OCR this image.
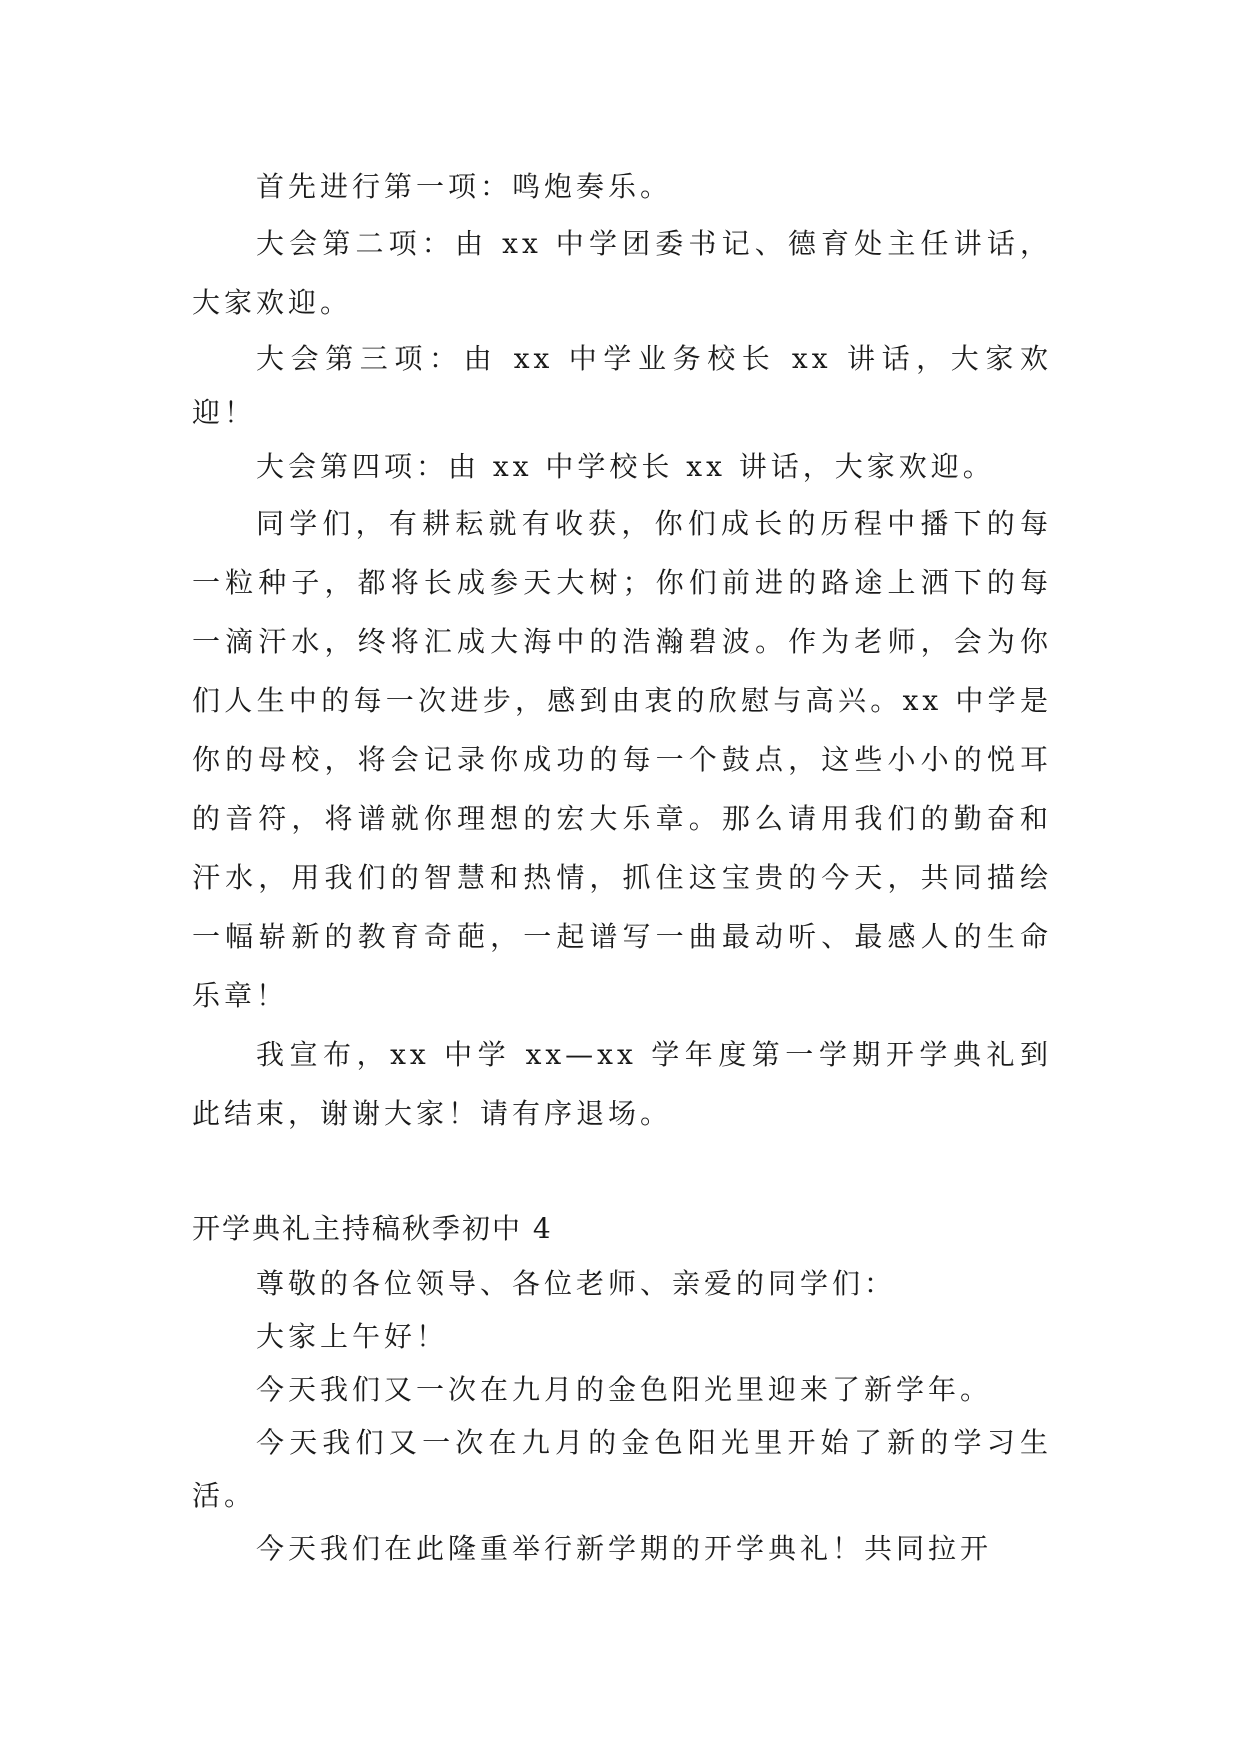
首先进行第一项：鸣炮奏乐。

大会第二项：由 xx 中学团委书记、德育处主任讲话，大家欢迎。

大会第三项：由 xx 中学业务校长 xx 讲话，大家欢迎！

大会第四项：由 xx 中学校长 xx 讲话，大家欢迎。

同学们，有耕耘就有收获，你们成长的历程中播下的每一粒种子，都将长成参天大树；你们前进的路途上洒下的每一滴汗水，终将汇成大海中的浩瀚碧波。作为老师，会为你们人生中的每一次进步，感到由衷的欣慰与高兴。xx 中学是你的母校，将会记录你成功的每一个鼓点，这些小小的悦耳的音符，将谱就你理想的宏大乐章。那么请用我们的勤奋和汗水，用我们的智慧和热情，抓住这宝贵的今天，共同描绘一幅崭新的教育奇葩，一起谱写一曲最动听、最感人的生命乐章！

我宣布，xx 中学 xx—xx 学年度第一学期开学典礼到此结束，谢谢大家！请有序退场。

开学典礼主持稿秋季初中 4

尊敬的各位领导、各位老师、亲爱的同学们：

大家上午好！

今天我们又一次在九月的金色阳光里迎来了新学年。

今天我们又一次在九月的金色阳光里开始了新的学习生活。

今天我们在此隆重举行新学期的开学典礼！共同拉开
